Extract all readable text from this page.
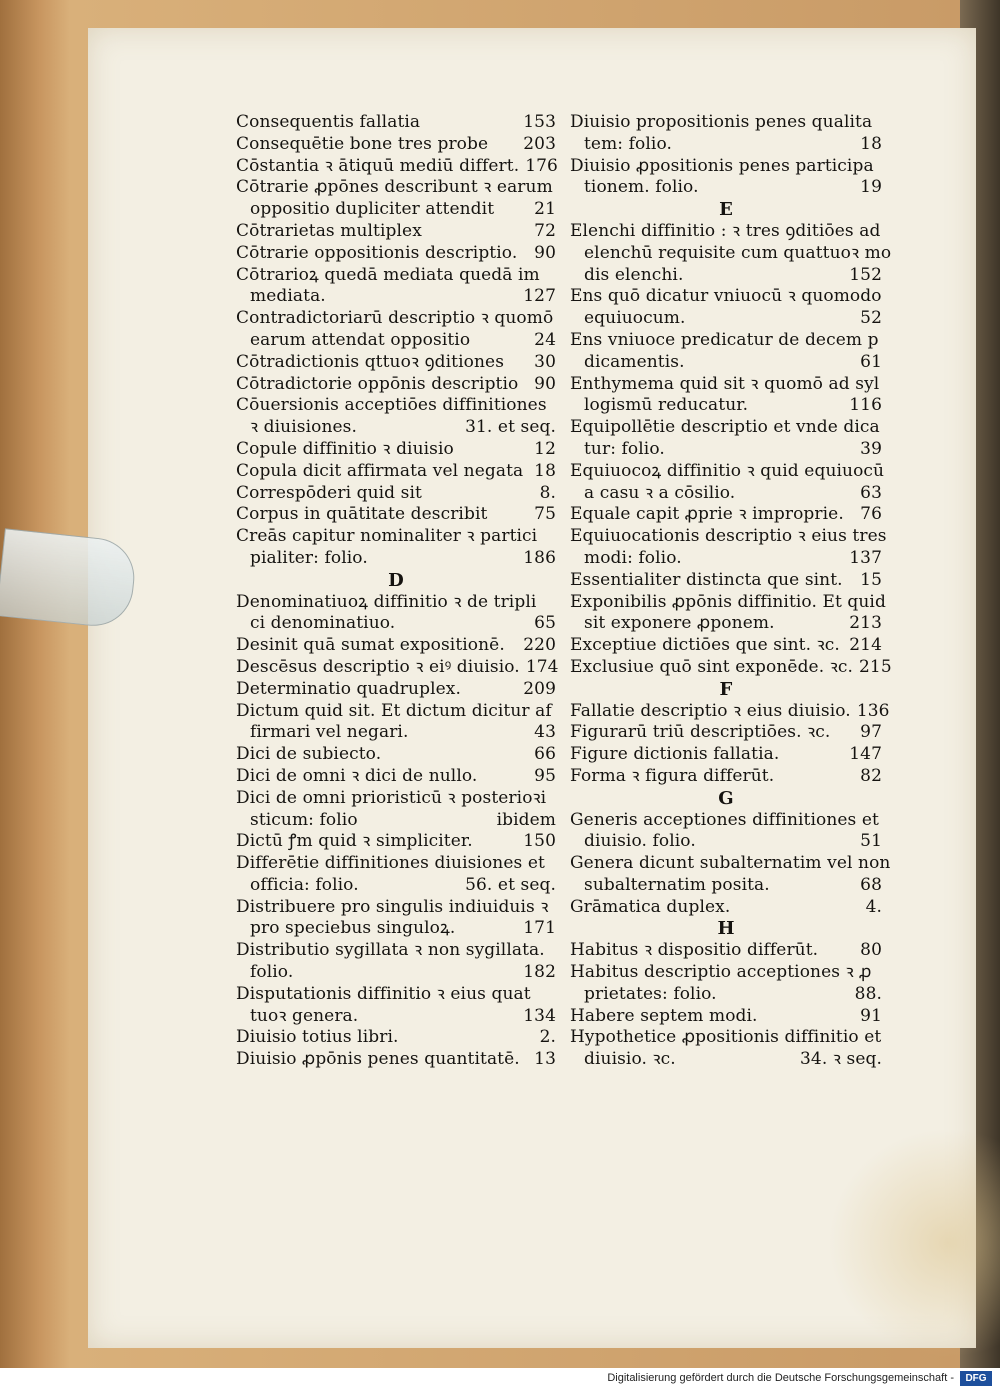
Consequentis fallatia	153
Consequētie bone tres probe	203
Cōstantia ꝛ ātiquū mediū differt. 176
Cōtrarie ꝓpōnes describunt ꝛ earum
oppositio dupliciter attendit	21
Cōtrarietas multiplex	72
Cōtrarie oppositionis descriptio. 90
Cōtrarioꝝ quedā mediata quedā im
mediata.	127
Contradictoriarū descriptio ꝛ quomō
earum attendat oppositio	24
Cōtradictionis qttuoꝛ ꝯditiones	30
Cōtradictorie oppōnis descriptio 90
Cōuersionis acceptiōes diffinitiones
ꝛ diuisiones.	31. et seq.
Copule diffinitio ꝛ diuisio	12
Copula dicit affirmata vel negata 18
Correspōderi quid sit	8.
Corpus in quātitate describit	75
Creās capitur nominaliter ꝛ partici
pialiter: folio.	186
D
Denominatiuoꝝ diffinitio ꝛ de tripli
ci denominatiuo.	65
Desinit quā sumat expositionē.	220
Descēsus descriptio ꝛ eiꝰ diuisio. 174
Determinatio quadruplex.	209
Dictum quid sit. Et dictum dicitur af
firmari vel negari.	43
Dici de subiecto.	66
Dici de omni ꝛ dici de nullo.	95
Dici de omni prioristicū ꝛ posterioꝛi
sticum: folio	ibidem
Dictū ꝭm quid ꝛ simpliciter.	150
Differētie diffinitiones diuisiones et
officia: folio.	56. et seq.
Distribuere pro singulis indiuiduis ꝛ
pro speciebus singuloꝝ.	171
Distributio sygillata ꝛ non sygillata.
folio.	182
Disputationis diffinitio ꝛ eius quat
tuoꝛ genera.	134
Diuisio totius libri.	2.
Diuisio ꝓpōnis penes quantitatē. 13
Diuisio propositionis penes qualita
tem: folio.	18
Diuisio ꝓpositionis penes participa
tionem. folio.	19
E
Elenchi diffinitio : ꝛ tres ꝯditiōes ad
elenchū requisite cum quattuoꝛ mo
dis elenchi.	152
Ens quō dicatur vniuocū ꝛ quomodo
equiuocum.	52
Ens vniuoce predicatur de decem p
dicamentis.	61
Enthymema quid sit ꝛ quomō ad syl
logismū reducatur.	116
Equipollētie descriptio et vnde dica
tur: folio.	39
Equiuocoꝝ diffinitio ꝛ quid equiuocū
a casu ꝛ a cōsilio.	63
Equale capit ꝓprie ꝛ improprie. 76
Equiuocationis descriptio ꝛ eius tres
modi: folio.	137
Essentialiter distincta que sint.	15
Exponibilis ꝓpōnis diffinitio. Et quid
sit exponere ꝓponem.	213
Exceptiue dictiōes que sint. ꝛc. 214
Exclusiue quō sint exponēde. ꝛc. 215
F
Fallatie descriptio ꝛ eius diuisio. 136
Figurarū triū descriptiōes. ꝛc.	97
Figure dictionis fallatia.	147
Forma ꝛ figura differūt.	82
G
Generis acceptiones diffinitiones et
diuisio. folio.	51
Genera dicunt subalternatim vel non
subalternatim posita.	68
Grāmatica duplex.	4.
H
Habitus ꝛ dispositio differūt.	80
Habitus descriptio acceptiones ꝛ ꝓ
prietates: folio.	88.
Habere septem modi.	91
Hypothetice ꝓpositionis diffinitio et
diuisio. ꝛc.	34. ꝛ seq.
Digitalisierung gefördert durch die Deutsche Forschungsgemeinschaft -	DFG
